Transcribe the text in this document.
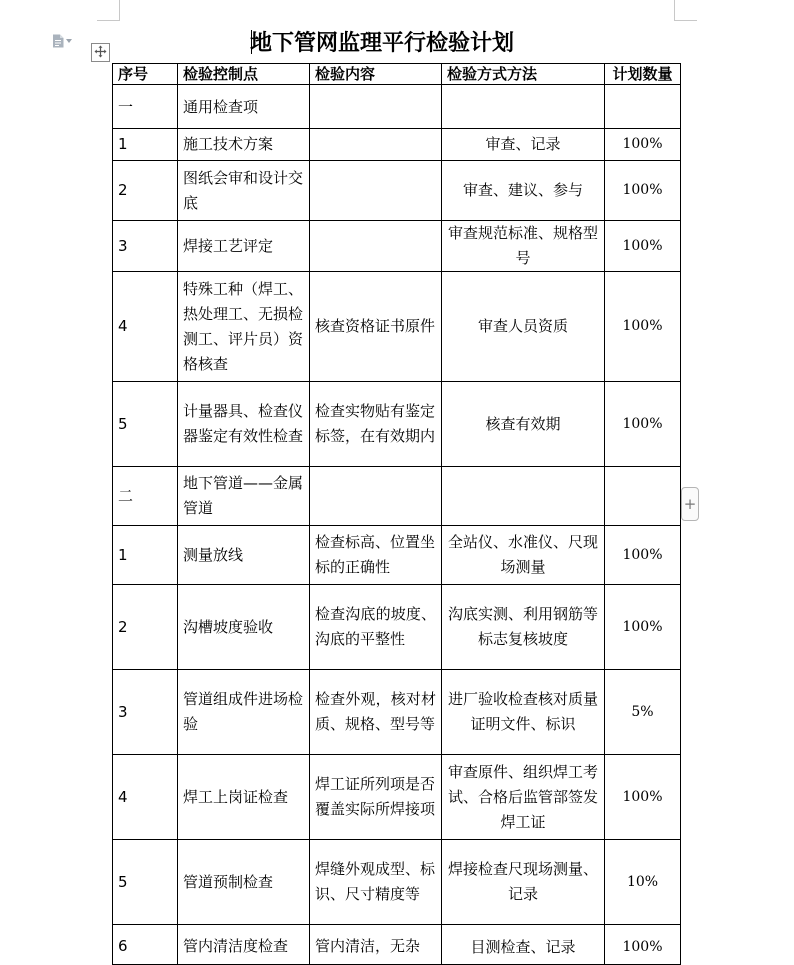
+
地下管网监理平行检验计划
序号	检验控制点	检验内容	检验方式方法	计划数量
一	通用检查项			
1	施工技术方案		审查、记录	100%
2	图纸会审和设计交底		审查、建议、参与	100%
3	焊接工艺评定		审查规范标准、规格型号	100%
4	特殊工种（焊工、热处理工、无损检测工、评片员）资格核查	核查资格证书原件	审查人员资质	100%
5	计量器具、检查仪器鉴定有效性检查	检查实物贴有鉴定标签，在有效期内	核查有效期	100%
二	地下管道——金属管道			
1	测量放线	检查标高、位置坐标的正确性	全站仪、水准仪、尺现场测量	100%
2	沟槽坡度验收	检查沟底的坡度、沟底的平整性	沟底实测、利用钢筋等标志复核坡度	100%
3	管道组成件进场检验	检查外观，核对材质、规格、型号等	进厂验收检查核对质量证明文件、标识	5%
4	焊工上岗证检查	焊工证所列项是否覆盖实际所焊接项	审查原件、组织焊工考试、合格后监管部签发焊工证	100%
5	管道预制检查	焊缝外观成型、标识、尺寸精度等	焊接检查尺现场测量、记录	10%
6	管内清洁度检查	管内清洁，无杂	目测检查、记录	100%
